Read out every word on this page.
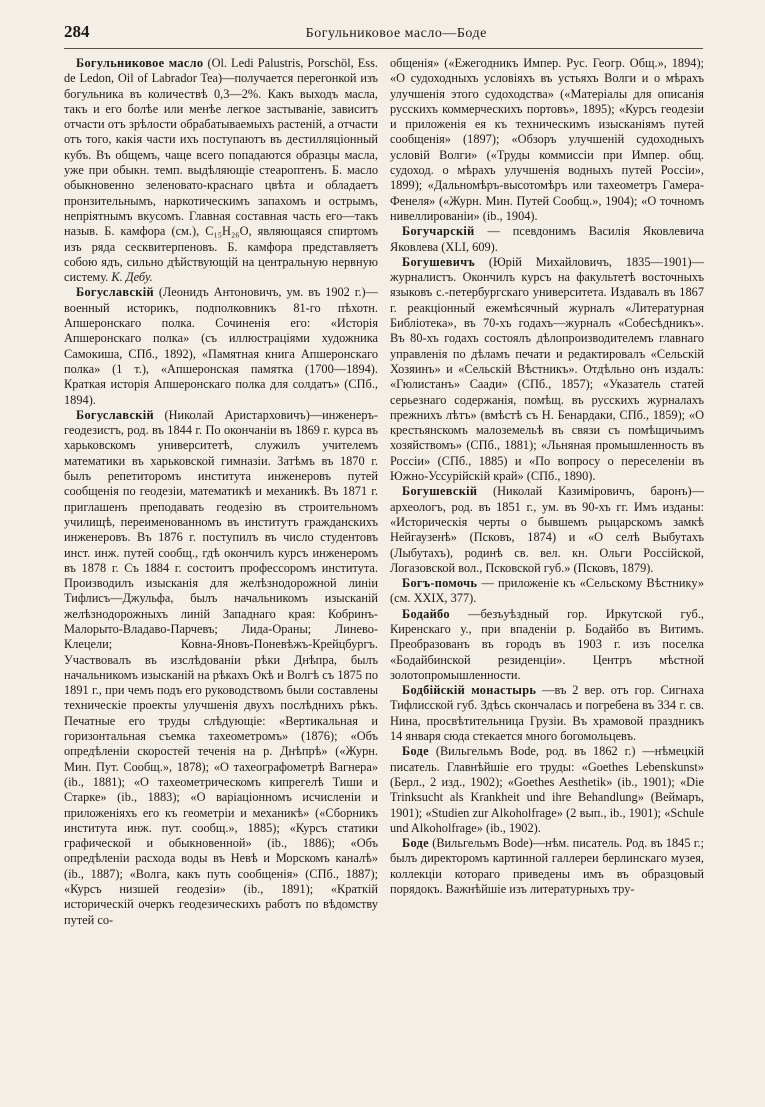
284	Богульниковое масло—Боде

Богульниковое масло (Ol. Ledi Palustris, Porschöl, Ess. de Ledon, Oil of Labrador Tea)—получается перегонкой изъ богульника въ количествѣ 0,3—2%. Какъ выходъ масла, такъ и его болѣе или менѣе легкое застываніе, зависитъ отчасти отъ зрѣлости обрабатываемыхъ растеній, а отчасти отъ того, какія части ихъ поступаютъ въ дестилляціонный кубъ. Въ общемъ, чаще всего попадаются образцы масла, уже при обыкн. темп. выдѣляющіе стеароптенъ. Б. масло обыкновенно зеленовато-краснаго цвѣта и обладаетъ пронзительнымъ, наркотическимъ запахомъ и острымъ, непріятнымъ вкусомъ. Главная составная часть его—такъ назыв. Б. камфора (см.), C₁₅H₂₆O, являющаяся спиртомъ изъ ряда сесквитерпеновъ. Б. камфора представляетъ собою ядъ, сильно дѣйствующій на центральную нервную систему. К. Дебу.

Богуславскій (Леонидъ Антоновичъ, ум. въ 1902 г.)—военный историкъ, подполковникъ 81-го пѣхотн. Апшеронскаго полка. Сочиненія его: «Исторія Апшеронскаго полка» (съ иллюстраціями художника Самокиша, СПб., 1892), «Памятная книга Апшеронскаго полка» (1 т.), «Апшеронская памятка (1700—1894). Краткая исторія Апшеронскаго полка для солдатъ» (СПб., 1894).

Богуславскій (Николай Аристарховичъ)—инженеръ-геодезистъ, род. въ 1844 г. По окончаніи въ 1869 г. курса въ харьковскомъ университетѣ, служилъ учителемъ математики въ харьковской гимназіи. Затѣмъ въ 1870 г. былъ репетиторомъ института инженеровъ путей сообщенія по геодезіи, математикѣ и механикѣ. Въ 1871 г. приглашенъ преподавать геодезію въ строительномъ училищѣ, переименованномъ въ институтъ гражданскихъ инженеровъ. Въ 1876 г. поступилъ въ число студентовъ инст. инж. путей сообщ., гдѣ окончилъ курсъ инженеромъ въ 1878 г. Съ 1884 г. состоитъ профессоромъ института. Производилъ изысканія для желѣзнодорожной линіи Тифлисъ—Джульфа, былъ начальникомъ изысканій желѣзнодорожныхъ линій Западнаго края: Кобринъ-Малорыто-Владаво-Парчевъ; Лида-Ораны; Линево-Клецели; Ковна-Яновъ-Поневѣжъ-Крейцбургъ. Участвовалъ въ изслѣдованіи рѣки Днѣпра, былъ начальникомъ изысканій на рѣкахъ Окѣ и Волгѣ съ 1875 по 1891 г., при чемъ подъ его руководствомъ были составлены техническіе проекты улучшенія двухъ послѣднихъ рѣкъ. Печатные его труды слѣдующіе: «Вертикальная и горизонтальная съемка тахеометромъ» (1876); «Объ опредѣленіи скоростей теченія на р. Днѣпрѣ» («Журн. Мин. Пут. Сообщ.», 1878); «О тахеографометрѣ Вагнера» (ib., 1881); «О тахеометрическомъ кипрегелѣ Тиши и Старке» (ib., 1883); «О варіаціонномъ исчисленіи и приложеніяхъ его къ геометріи и механикѣ» («Сборникъ института инж. пут. сообщ.», 1885); «Курсъ статики графической и обыкновенной» (ib., 1886); «Объ опредѣленіи расхода воды въ Невѣ и Морскомъ каналѣ» (ib., 1887); «Волга, какъ путь сообщенія» (СПб., 1887); «Курсъ низшей геодезіи» (ib., 1891); «Краткій историческій очеркъ геодезическихъ работъ по вѣдомству путей со-

общенія» («Ежегодникъ Импер. Рус. Геогр. Общ.», 1894); «О судоходныхъ условіяхъ въ устьяхъ Волги и о мѣрахъ улучшенія этого судоходства» («Матеріалы для описанія русскихъ коммерческихъ портовъ», 1895); «Курсъ геодезіи и приложенія ея къ техническимъ изысканіямъ путей сообщенія» (1897); «Обзоръ улучшеній судоходныхъ условій Волги» («Труды коммиссіи при Импер. общ. судоход. о мѣрахъ улучшенія водныхъ путей Россіи», 1899); «Дальномѣръ-высотомѣръ или тахеометръ Гамера-Фенеля» («Журн. Мин. Путей Сообщ.», 1904); «О точномъ нивеллированіи» (ib., 1904).

Богучарскій — псевдонимъ Василія Яковлевича Яковлева (XLI, 609).

Богушевичъ (Юрій Михайловичъ, 1835—1901)—журналистъ. Окончилъ курсъ на факультетѣ восточныхъ языковъ с.-петербургскаго университета. Издавалъ въ 1867 г. реакціонный ежемѣсячный журналъ «Литературная Библіотека», въ 70-хъ годахъ—журналъ «Собесѣдникъ». Въ 80-хъ годахъ состоялъ дѣлопроизводителемъ главнаго управленія по дѣламъ печати и редактировалъ «Сельскій Хозяинъ» и «Сельскій Вѣстникъ». Отдѣльно онъ издалъ: «Гюлистанъ» Саади» (СПб., 1857); «Указатель статей серьезнаго содержанія, помѣщ. въ русскихъ журналахъ прежнихъ лѣтъ» (вмѣстѣ съ Н. Бенардаки, СПб., 1859); «О крестьянскомъ малоземельѣ въ связи съ помѣщичьимъ хозяйствомъ» (СПб., 1881); «Льняная промышленность въ Россіи» (СПб., 1885) и «По вопросу о переселеніи въ Южно-Уссурійскій край» (СПб., 1890).

Богушевскій (Николай Казиміровичъ, баронъ)—археологъ, род. въ 1851 г., ум. въ 90-хъ гг. Имъ изданы: «Историческія черты о бывшемъ рыцарскомъ замкѣ Нейгаузенѣ» (Псковъ, 1874) и «О селѣ Выбутахъ (Лыбутахъ), родинѣ св. вел. кн. Ольги Россійской, Логазовской вол., Псковской губ.» (Псковъ, 1879).

Богъ-помочь — приложеніе къ «Сельскому Вѣстнику» (см. XXIX, 377).

Бодайбо —безъуѣздный гор. Иркутской губ., Киренскаго у., при впаденіи р. Бодайбо въ Витимъ. Преобразованъ въ городъ въ 1903 г. изъ поселка «Бодайбинской резиденціи». Центръ мѣстной золотопромышленности.

Бодбійскій монастырь —въ 2 вер. отъ гор. Сигнаха Тифлисской губ. Здѣсь скончалась и погребена въ 334 г. св. Нина, просвѣтительница Грузіи. Въ храмовой праздникъ 14 января сюда стекается много богомольцевъ.

Боде (Вильгельмъ Bode, род. въ 1862 г.) —нѣмецкій писатель. Главнѣйшіе его труды: «Goethes Lebenskunst» (Берл., 2 изд., 1902); «Goethes Aesthetik» (ib., 1901); «Die Trinksucht als Krankheit und ihre Behandlung» (Веймаръ, 1901); «Studien zur Alkoholfrage» (2 вып., ib., 1901); «Schule und Alkoholfrage» (ib., 1902).

Боде (Вильгельмъ Bode)—нѣм. писатель. Род. въ 1845 г.; былъ директоромъ картинной галлереи берлинскаго музея, коллекціи котораго приведены имъ въ образцовый порядокъ. Важнѣйшіе изъ литературныхъ тру-
